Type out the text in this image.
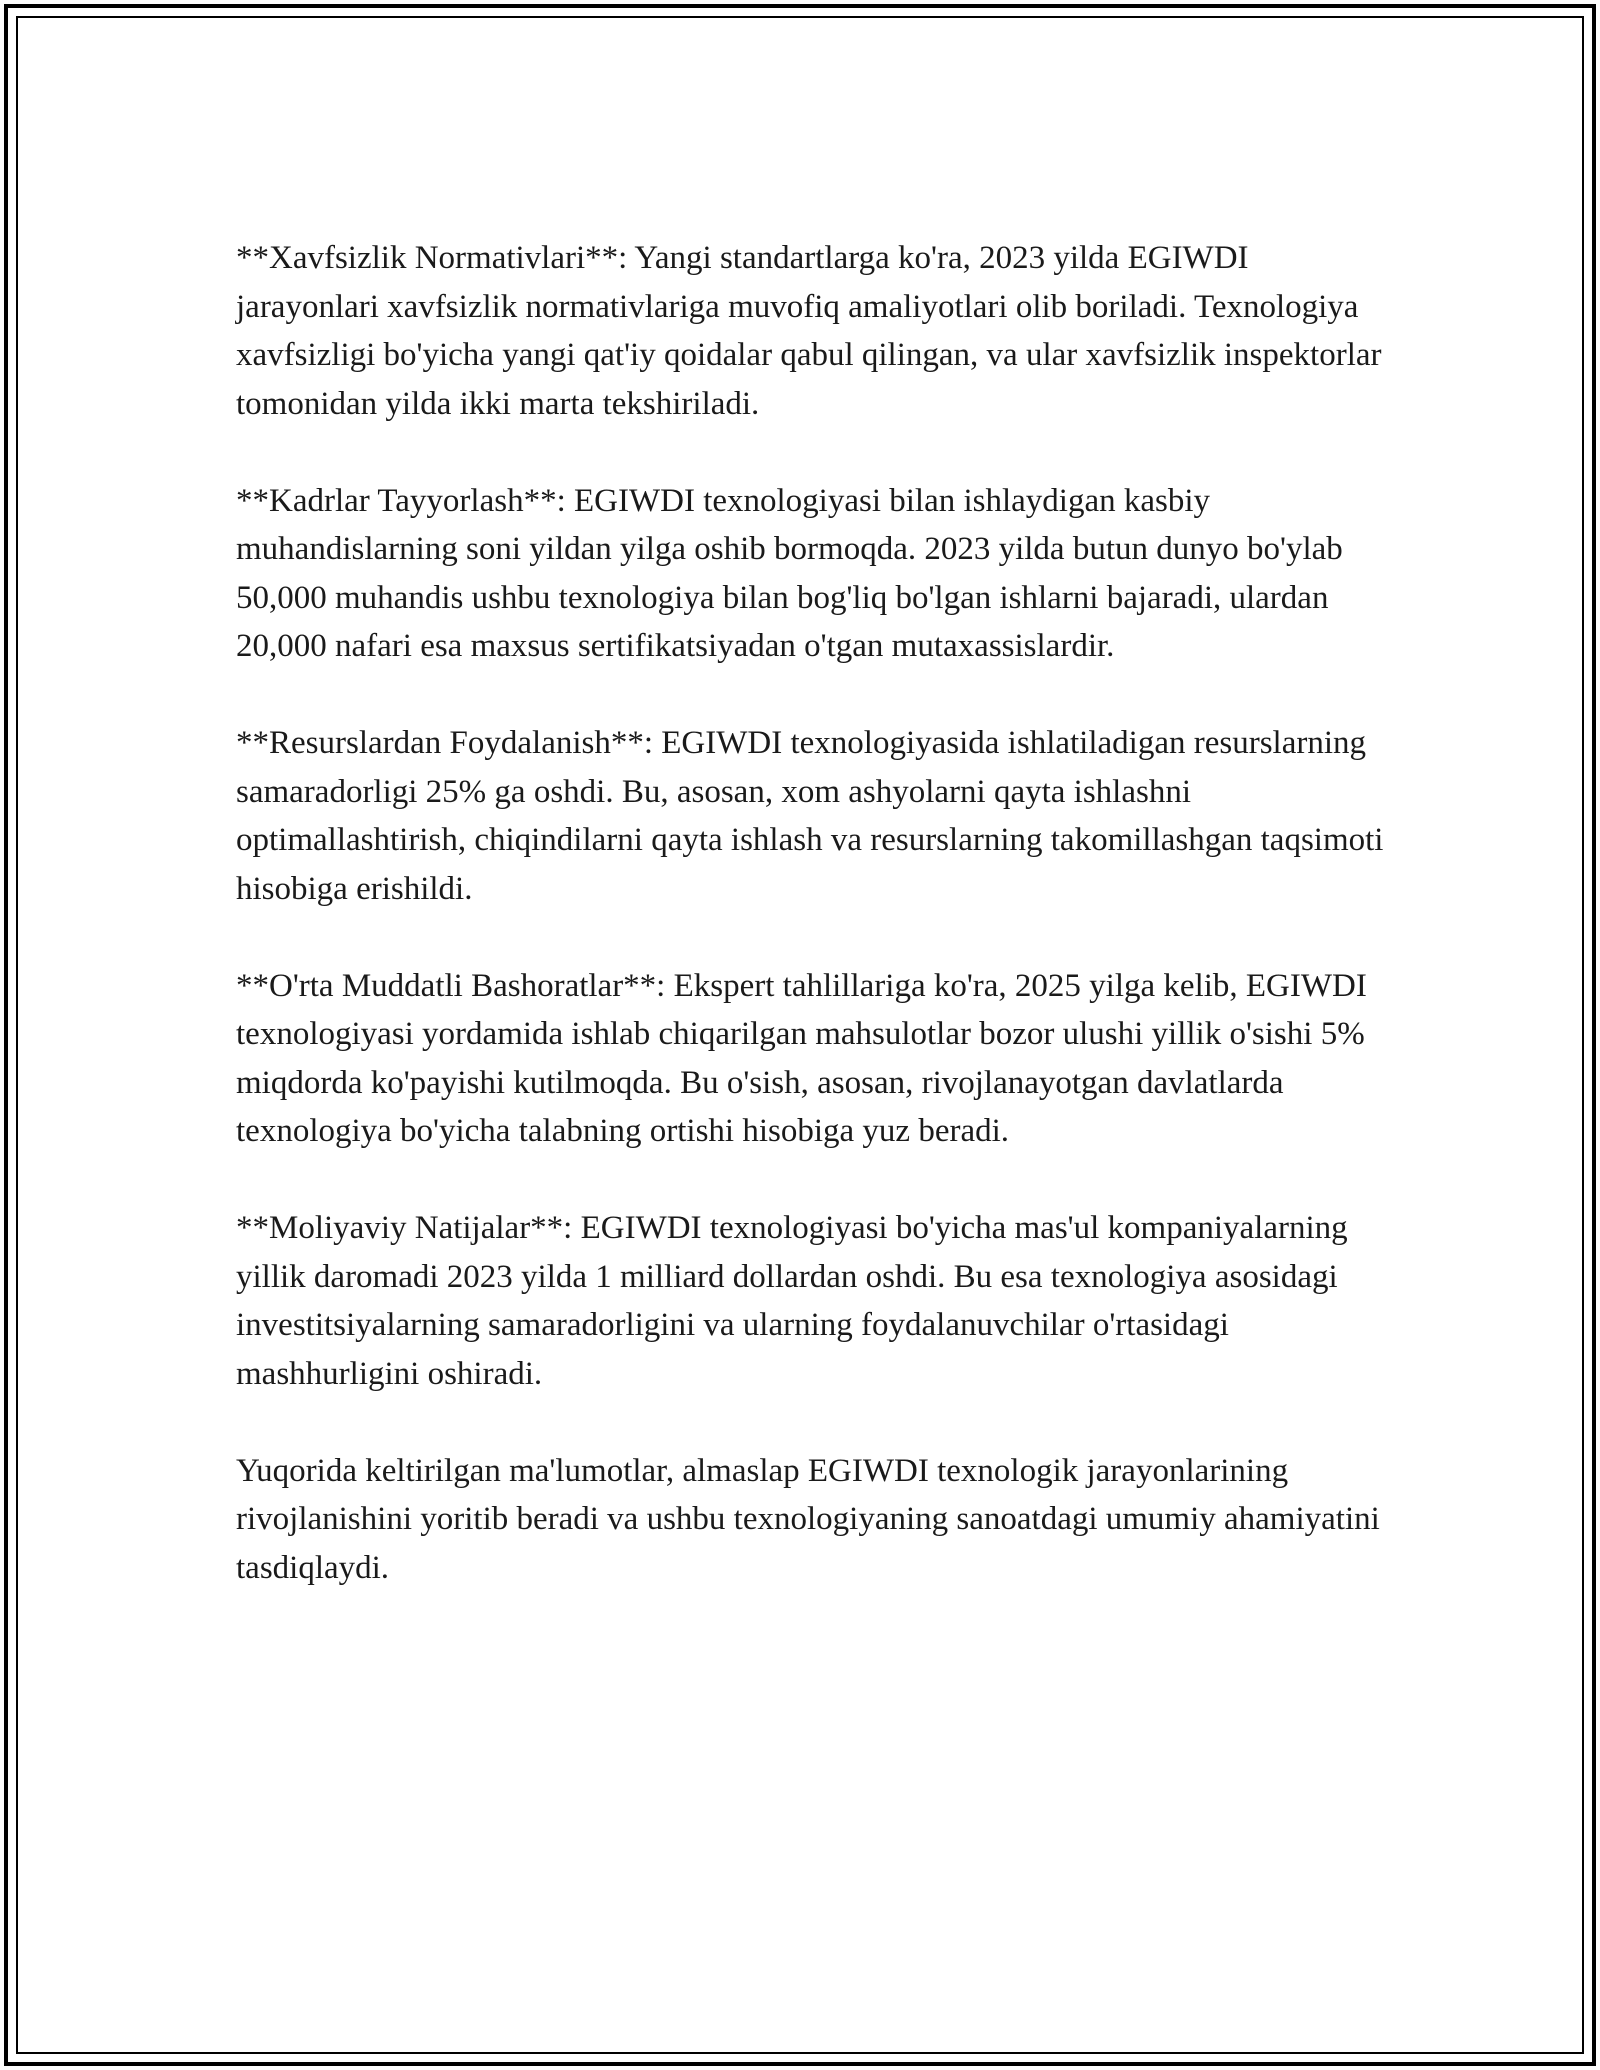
**Xavfsizlik Normativlari**: Yangi standartlarga ko'ra, 2023 yilda EGIWDI jarayonlari xavfsizlik normativlariga muvofiq amaliyotlari olib boriladi. Texnologiya xavfsizligi bo'yicha yangi qat'iy qoidalar qabul qilingan, va ular xavfsizlik inspektorlar tomonidan yilda ikki marta tekshiriladi.

**Kadrlar Tayyorlash**: EGIWDI texnologiyasi bilan ishlaydigan kasbiy muhandislarning soni yildan yilga oshib bormoqda. 2023 yilda butun dunyo bo'ylab 50,000 muhandis ushbu texnologiya bilan bog'liq bo'lgan ishlarni bajaradi, ulardan 20,000 nafari esa maxsus sertifikatsiyadan o'tgan mutaxassislardir.

**Resurslardan Foydalanish**: EGIWDI texnologiyasida ishlatiladigan resurslarning samaradorligi 25% ga oshdi. Bu, asosan, xom ashyolarni qayta ishlashni optimallashtirish, chiqindilarni qayta ishlash va resurslarning takomillashgan taqsimoti hisobiga erishildi.

**O'rta Muddatli Bashoratlar**: Ekspert tahlillariga ko'ra, 2025 yilga kelib, EGIWDI texnologiyasi yordamida ishlab chiqarilgan mahsulotlar bozor ulushi yillik o'sishi 5% miqdorda ko'payishi kutilmoqda. Bu o'sish, asosan, rivojlanayotgan davlatlarda texnologiya bo'yicha talabning ortishi hisobiga yuz beradi.

**Moliyaviy Natijalar**: EGIWDI texnologiyasi bo'yicha mas'ul kompaniyalarning yillik daromadi 2023 yilda 1 milliard dollardan oshdi. Bu esa texnologiya asosidagi investitsiyalarning samaradorligini va ularning foydalanuvchilar o'rtasidagi mashhurligini oshiradi.

Yuqorida keltirilgan ma'lumotlar, almaslap EGIWDI texnologik jarayonlarining rivojlanishini yoritib beradi va ushbu texnologiyaning sanoatdagi umumiy ahamiyatini tasdiqlaydi.
